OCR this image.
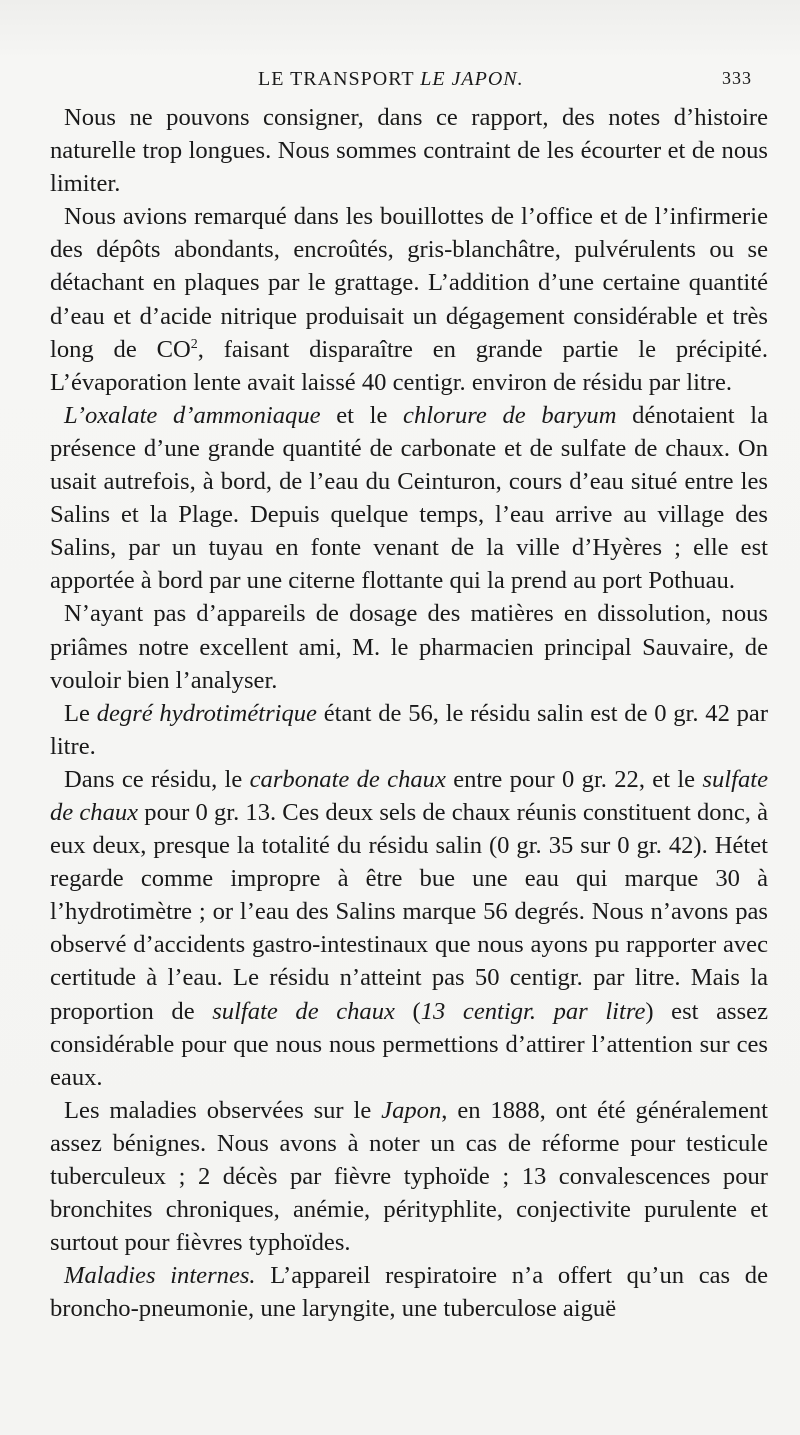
LE TRANSPORT LE JAPON.	333

Nous ne pouvons consigner, dans ce rapport, des notes d’histoire naturelle trop longues. Nous sommes contraint de les écourter et de nous limiter.

Nous avions remarqué dans les bouillottes de l’office et de l’infirmerie des dépôts abondants, encroûtés, gris-blanchâtre, pulvérulents ou se détachant en plaques par le grattage. L’addition d’une certaine quantité d’eau et d’acide nitrique produisait un dégagement considérable et très long de $CO^2$, faisant disparaître en grande partie le précipité. L’évaporation lente avait laissé 40 centigr. environ de résidu par litre.

L’oxalate d’ammoniaque et le chlorure de baryum dénotaient la présence d’une grande quantité de carbonate et de sulfate de chaux. On usait autrefois, à bord, de l’eau du Ceinturon, cours d’eau situé entre les Salins et la Plage. Depuis quelque temps, l’eau arrive au village des Salins, par un tuyau en fonte venant de la ville d’Hyères ; elle est apportée à bord par une citerne flottante qui la prend au port Pothuau.

N’ayant pas d’appareils de dosage des matières en dissolution, nous priâmes notre excellent ami, M. le pharmacien principal Sauvaire, de vouloir bien l’analyser.

Le degré hydrotimétrique étant de 56, le résidu salin est de 0 gr. 42 par litre.

Dans ce résidu, le carbonate de chaux entre pour 0 gr. 22, et le sulfate de chaux pour 0 gr. 13. Ces deux sels de chaux réunis constituent donc, à eux deux, presque la totalité du résidu salin (0 gr. 35 sur 0 gr. 42). Hétet regarde comme impropre à être bue une eau qui marque 30 à l’hydrotimètre ; or l’eau des Salins marque 56 degrés. Nous n’avons pas observé d’accidents gastro-intestinaux que nous ayons pu rapporter avec certitude à l’eau. Le résidu n’atteint pas 50 centigr. par litre. Mais la proportion de sulfate de chaux (13 centigr. par litre) est assez considérable pour que nous nous permettions d’attirer l’attention sur ces eaux.

Les maladies observées sur le Japon, en 1888, ont été généralement assez bénignes. Nous avons à noter un cas de réforme pour testicule tuberculeux ; 2 décès par fièvre typhoïde ; 13 convalescences pour bronchites chroniques, anémie, pérityphlite, conjectivite purulente et surtout pour fièvres typhoïdes.

Maladies internes. L’appareil respiratoire n’a offert qu’un cas de broncho-pneumonie, une laryngite, une tuberculose aiguë
